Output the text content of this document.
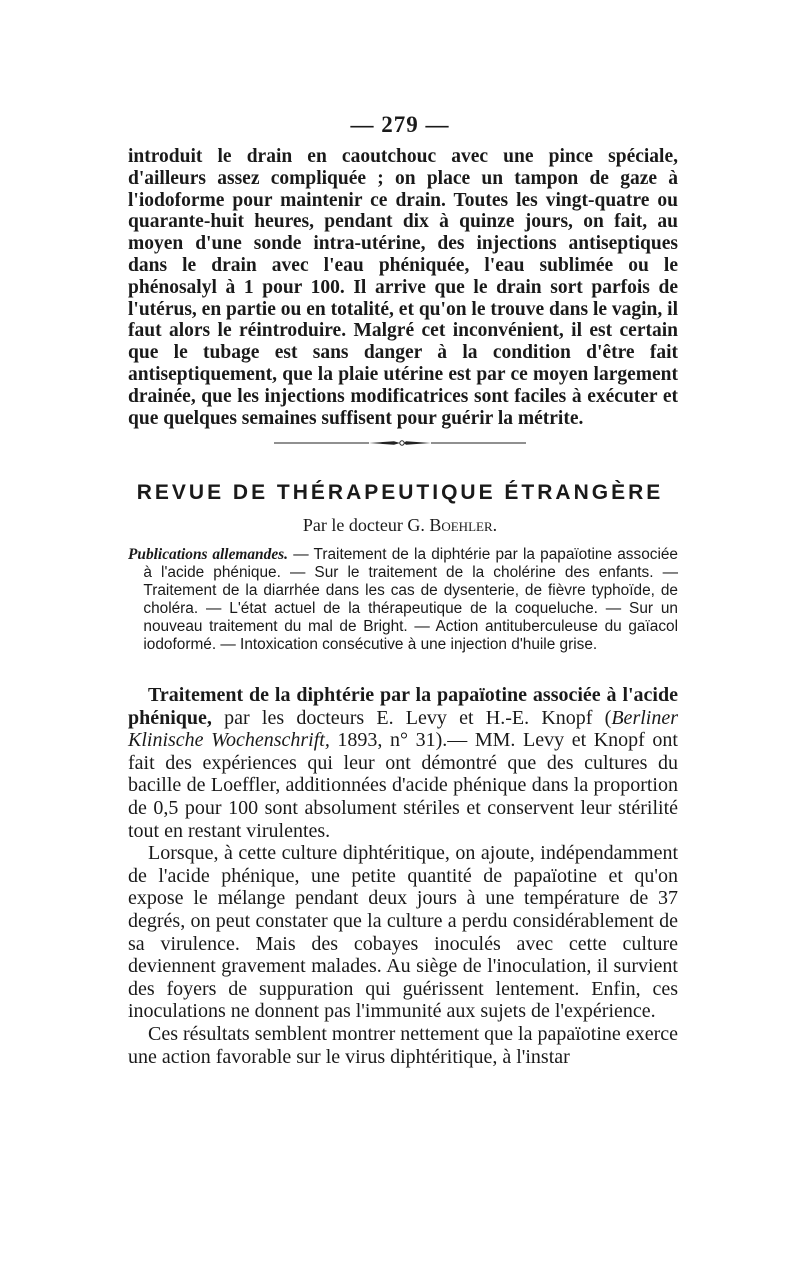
— 279 —

introduit le drain en caoutchouc avec une pince spéciale, d'ailleurs assez compliquée ; on place un tampon de gaze à l'iodoforme pour maintenir ce drain. Toutes les vingt-quatre ou quarante-huit heures, pendant dix à quinze jours, on fait, au moyen d'une sonde intra-utérine, des injections antiseptiques dans le drain avec l'eau phéniquée, l'eau sublimée ou le phénosalyl à 1 pour 100. Il arrive que le drain sort parfois de l'utérus, en partie ou en totalité, et qu'on le trouve dans le vagin, il faut alors le réintroduire. Malgré cet inconvénient, il est certain que le tubage est sans danger à la condition d'être fait antiseptiquement, que la plaie utérine est par ce moyen largement drainée, que les injections modificatrices sont faciles à exécuter et que quelques semaines suffisent pour guérir la métrite.

REVUE DE THÉRAPEUTIQUE ÉTRANGÈRE
Par le docteur G. Boehler.

Publications allemandes. — Traitement de la diphtérie par la papaïotine associée à l'acide phénique. — Sur le traitement de la cholérine des enfants. — Traitement de la diarrhée dans les cas de dysenterie, de fièvre typhoïde, de choléra. — L'état actuel de la thérapeutique de la coqueluche. — Sur un nouveau traitement du mal de Bright. — Action antituberculeuse du gaïacol iodoformé. — Intoxication consécutive à une injection d'huile grise.

Traitement de la diphtérie par la papaïotine associée à l'acide phénique, par les docteurs E. Levy et H.-E. Knopf (Berliner Klinische Wochenschrift, 1893, n° 31).— MM. Levy et Knopf ont fait des expériences qui leur ont démontré que des cultures du bacille de Loeffler, additionnées d'acide phénique dans la proportion de 0,5 pour 100 sont absolument stériles et conservent leur stérilité tout en restant virulentes.

Lorsque, à cette culture diphtéritique, on ajoute, indépendamment de l'acide phénique, une petite quantité de papaïotine et qu'on expose le mélange pendant deux jours à une température de 37 degrés, on peut constater que la culture a perdu considérablement de sa virulence. Mais des cobayes inoculés avec cette culture deviennent gravement malades. Au siège de l'inoculation, il survient des foyers de suppuration qui guérissent lentement. Enfin, ces inoculations ne donnent pas l'immunité aux sujets de l'expérience.

Ces résultats semblent montrer nettement que la papaïotine exerce une action favorable sur le virus diphtéritique, à l'instar
